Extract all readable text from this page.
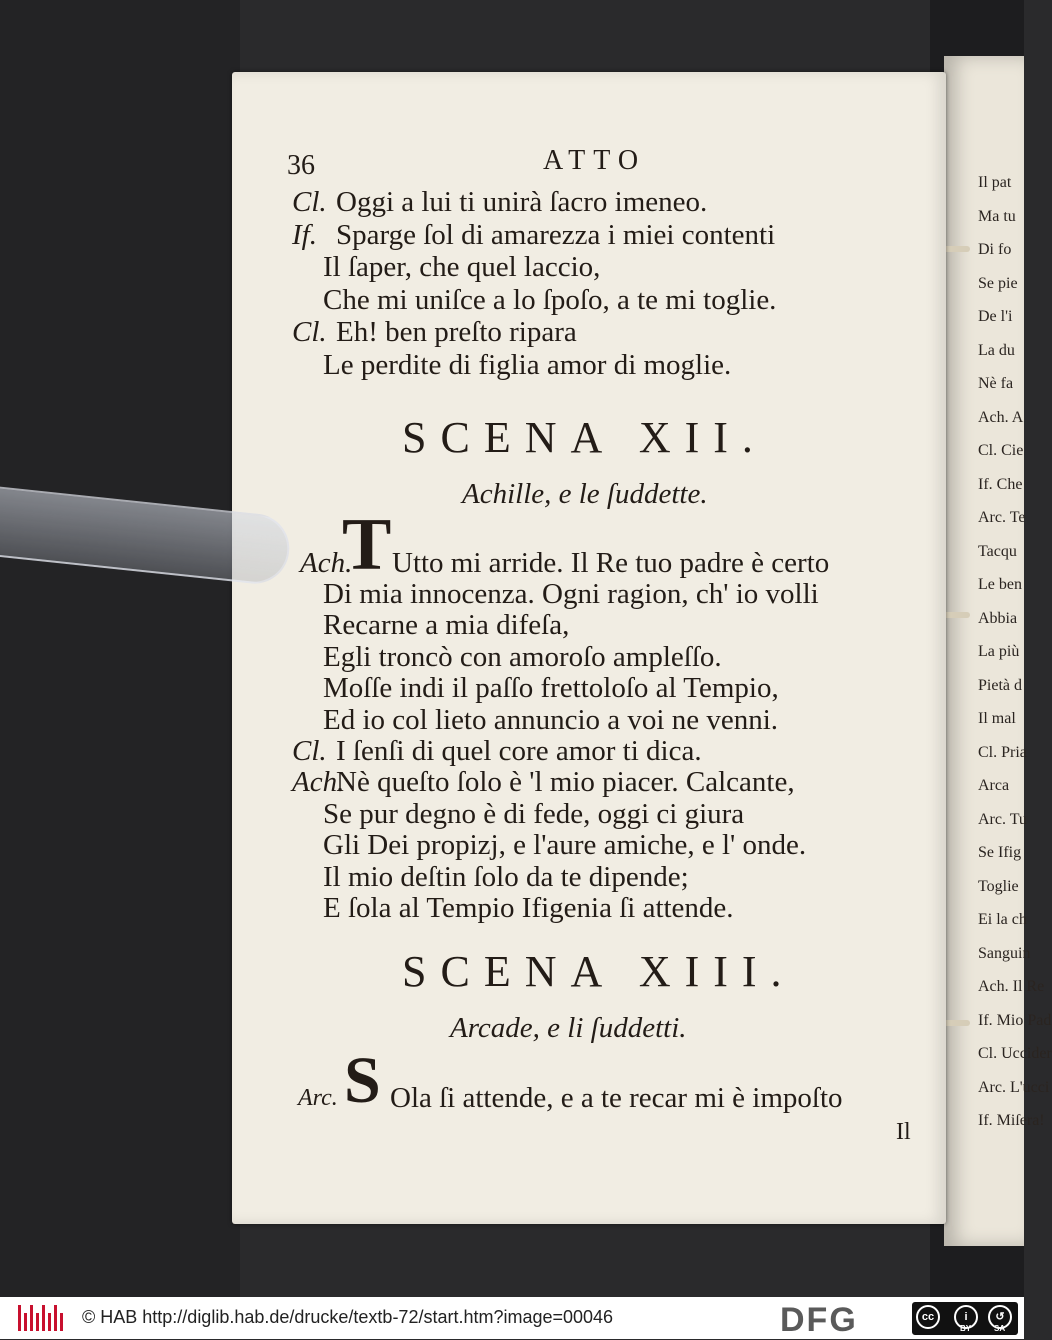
Il pat
Ma tu
Di fo
Se pie
De l'i
La du
Nè fa
Ach. A
Cl. Cie
If. Che
Arc. Te
Tacqu
Le ben
Abbia
La più
Pietà d
Il mal
Cl. Pria
Arca
Arc. Tu
Se Ifig
Toglie
Ei la ch
Sanguin
Ach. Il Re
If. Mio Pad
Cl. Uccider
Arc. L'ucci
If. Miſera!
36	ATTO
Cl. Oggi a lui ti unirà ſacro imeneo.
If. Sparge ſol di amarezza i miei contenti
Il ſaper, che quel laccio,
Che mi uniſce a lo ſpoſo, a te mi toglie.
Cl. Eh! ben preſto ripara
Le perdite di figlia amor di moglie.
SCENA XII.
Achille, e le ſuddette.
Ach.
T Utto mi arride. Il Re tuo padre è certo
Di mia innocenza. Ogni ragion, ch' io volli
Recarne a mia difeſa,
Egli troncò con amoroſo ampleſſo.
Moſſe indi il paſſo frettoloſo al Tempio,
Ed io col lieto annuncio a voi ne venni.
Cl. I ſenſi di quel core amor ti dica.
Ach.
Nè queſto ſolo è 'l mio piacer. Calcante,
Se pur degno è di fede, oggi ci giura
Gli Dei propizj, e l'aure amiche, e l' onde.
Il mio deſtin ſolo da te dipende;
E ſola al Tempio Ifigenia ſi attende.
SCENA XIII.
Arcade, e li ſuddetti.
Arc. S Ola ſi attende, e a te recar mi è impoſto
Il
© HAB http://diglib.hab.de/drucke/textb-72/start.htm?image=00046	DFG	cc	i	↺
BY	SA
